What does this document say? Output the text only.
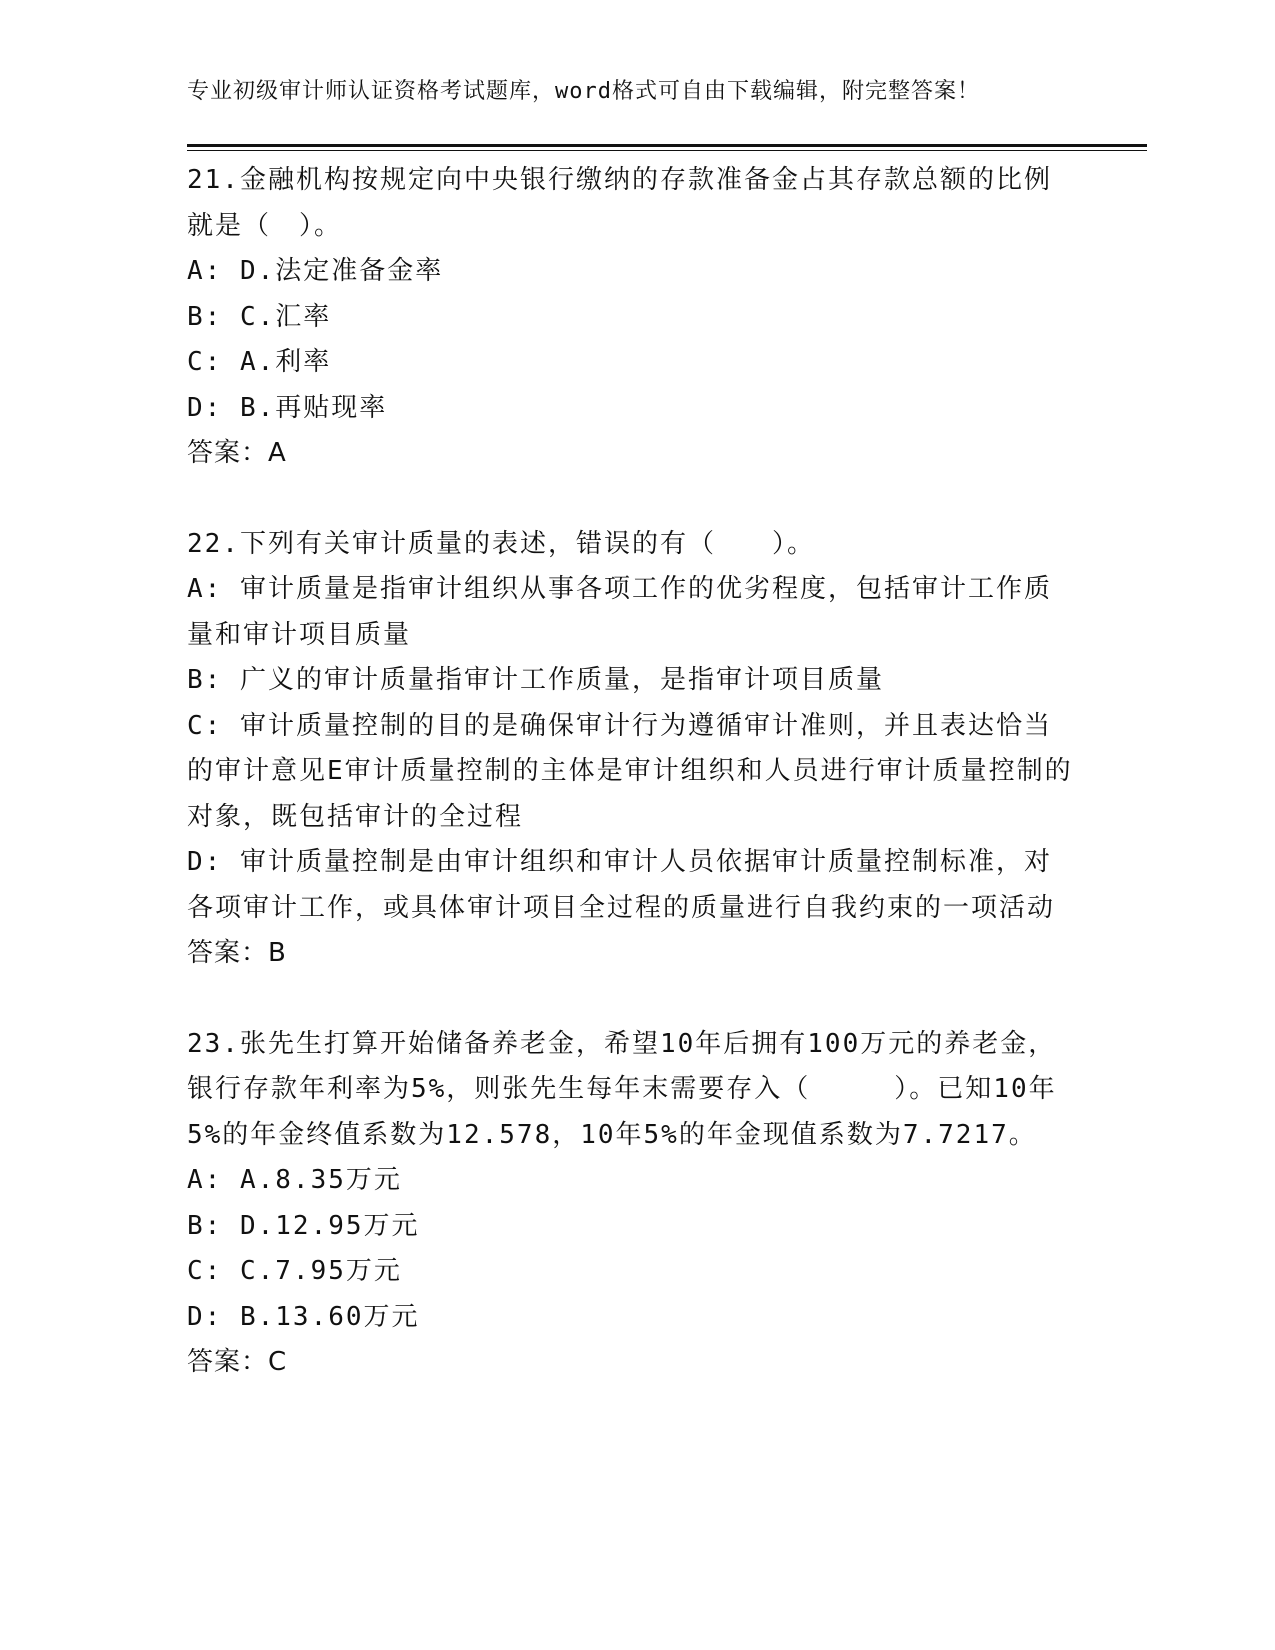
专业初级审计师认证资格考试题库，word格式可自由下载编辑，附完整答案！
21.金融机构按规定向中央银行缴纳的存款准备金占其存款总额的比例就是（　）。
A: D.法定准备金率
B: C.汇率
C: A.利率
D: B.再贴现率
答案：A
22.下列有关审计质量的表述，错误的有（　　）。
A: 审计质量是指审计组织从事各项工作的优劣程度，包括审计工作质量和审计项目质量
B: 广义的审计质量指审计工作质量，是指审计项目质量
C: 审计质量控制的目的是确保审计行为遵循审计准则，并且表达恰当的审计意见E审计质量控制的主体是审计组织和人员进行审计质量控制的对象，既包括审计的全过程
D: 审计质量控制是由审计组织和审计人员依据审计质量控制标准，对各项审计工作，或具体审计项目全过程的质量进行自我约束的一项活动
答案：B
23.张先生打算开始储备养老金，希望10年后拥有100万元的养老金，银行存款年利率为5%，则张先生每年末需要存入（　　　）。已知10年5%的年金终值系数为12.578，10年5%的年金现值系数为7.7217。
A: A.8.35万元
B: D.12.95万元
C: C.7.95万元
D: B.13.60万元
答案：C
